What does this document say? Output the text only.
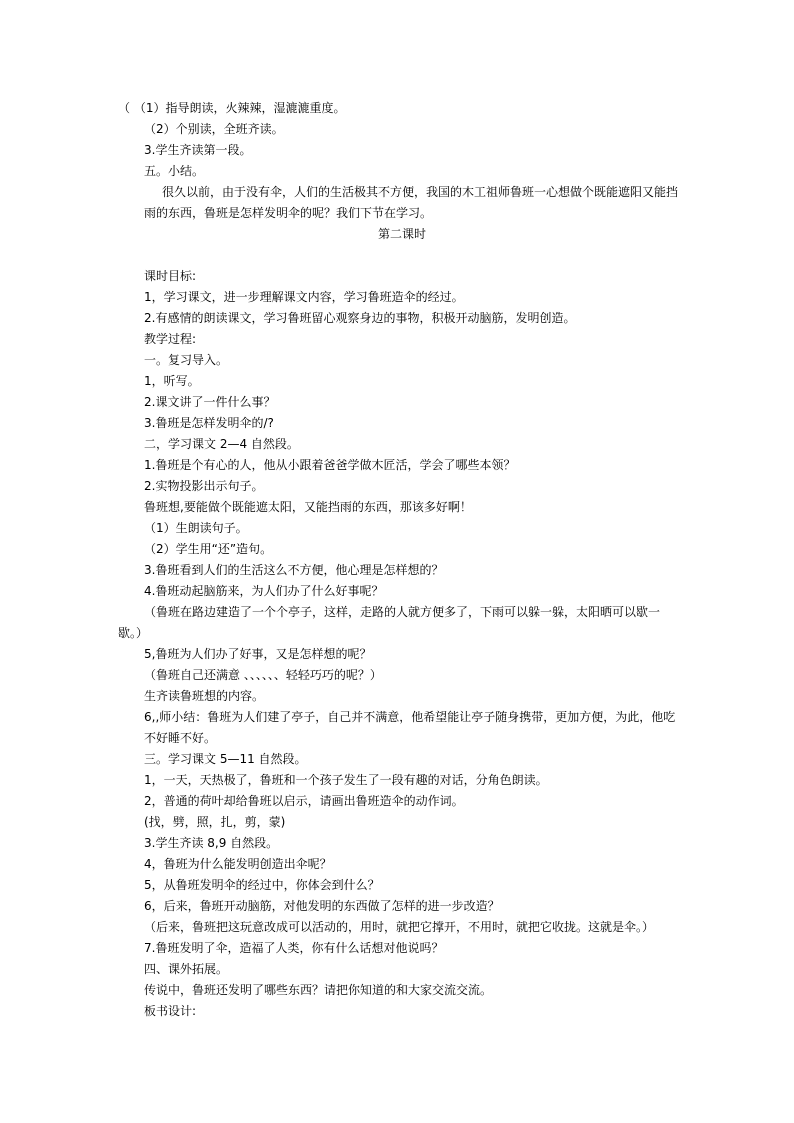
（ （1）指导朗读，火辣辣，湿漉漉重度。
（2）个别读，全班齐读。
3.学生齐读第一段。
五。小结。
很久以前，由于没有伞，人们的生活极其不方便，我国的木工祖师鲁班一心想做个既能遮阳又能挡
雨的东西，鲁班是怎样发明伞的呢？我们下节在学习。
第二课时
课时目标:
1，学习课文，进一步理解课文内容，学习鲁班造伞的经过。
2.有感情的朗读课文，学习鲁班留心观察身边的事物，积极开动脑筋，发明创造。
教学过程:
一。复习导入。
1，听写。
2.课文讲了一件什么事？
3.鲁班是怎样发明伞的/?
二，学习课文 2—4 自然段。
1.鲁班是个有心的人，他从小跟着爸爸学做木匠活，学会了哪些本领？
2.实物投影出示句子。
鲁班想,要能做个既能遮太阳，又能挡雨的东西，那该多好啊！
（1）生朗读句子。
（2）学生用“还”造句。
3.鲁班看到人们的生活这么不方便，他心理是怎样想的？
4.鲁班动起脑筋来，为人们办了什么好事呢？
（鲁班在路边建造了一个个亭子，这样，走路的人就方便多了，下雨可以躲一躲，太阳晒可以歇一
歇。）
5,鲁班为人们办了好事，又是怎样想的呢？
（鲁班自己还满意 、、、、、、轻轻巧巧的呢？）
生齐读鲁班想的内容。
6,,师小结：鲁班为人们建了亭子，自己并不满意，他希望能让亭子随身携带，更加方便，为此，他吃
不好睡不好。
三。学习课文 5—11 自然段。
1，一天，天热极了，鲁班和一个孩子发生了一段有趣的对话，分角色朗读。
2，普通的荷叶却给鲁班以启示，请画出鲁班造伞的动作词。
(找，劈，照，扎，剪，蒙)
3.学生齐读 8,9 自然段。
4，鲁班为什么能发明创造出伞呢？
5，从鲁班发明伞的经过中，你体会到什么？
6，后来，鲁班开动脑筋，对他发明的东西做了怎样的进一步改造？
（后来，鲁班把这玩意改成可以活动的，用时，就把它撑开，不用时，就把它收拢。这就是伞。）
7.鲁班发明了伞，造福了人类，你有什么话想对他说吗？
四、课外拓展。
传说中，鲁班还发明了哪些东西？请把你知道的和大家交流交流。
板书设计:
